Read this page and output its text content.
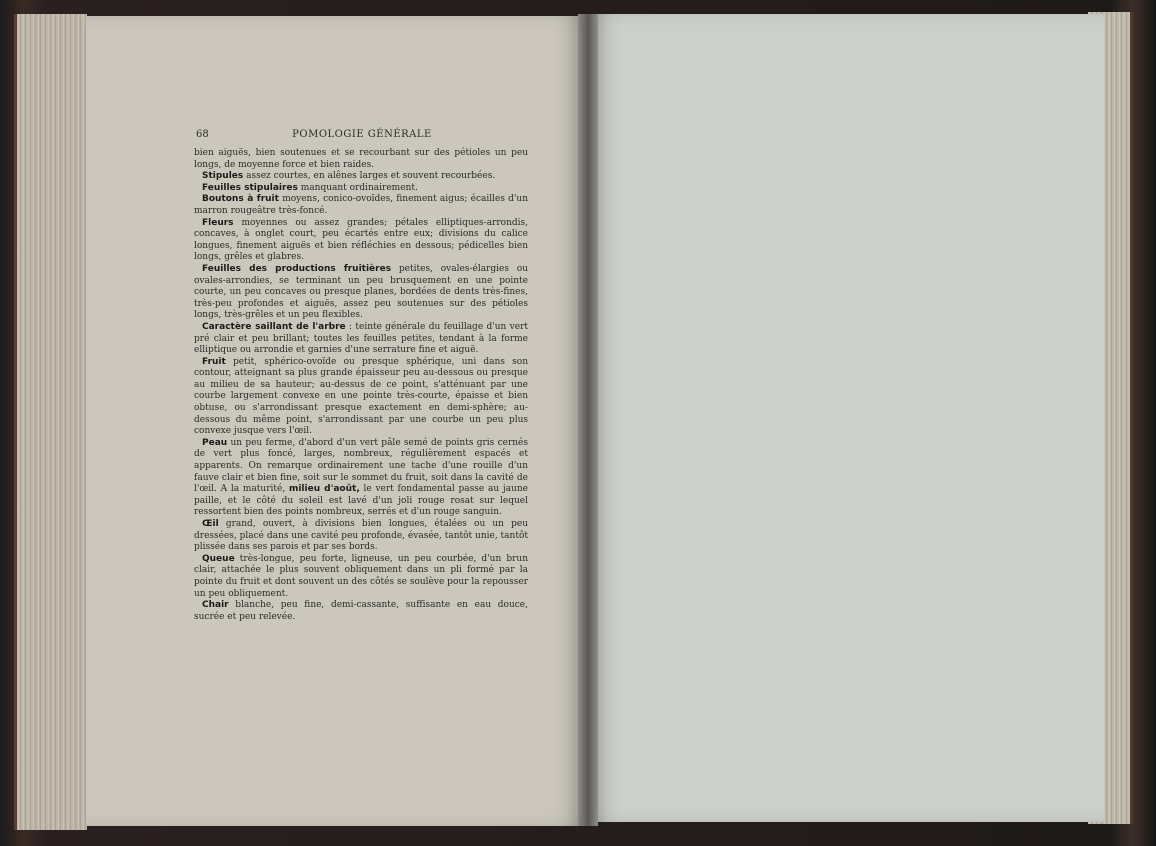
68	POMOLOGIE GÉNÉRALE

bien aiguës, bien soutenues et se recourbant sur des pétioles un peu longs, de moyenne force et bien raides.

Stipules assez courtes, en alênes larges et souvent recourbées.

Feuilles stipulaires manquant ordinairement.

Boutons à fruit moyens, conico-ovoïdes, finement aigus; écailles d'un marron rougeâtre très-foncé.

Fleurs moyennes ou assez grandes; pétales elliptiques-arrondis, concaves, à onglet court, peu écartés entre eux; divisions du calice longues, finement aiguës et bien réfléchies en dessous; pédicelles bien longs, grêles et glabres.

Feuilles des productions fruitières petites, ovales-élargies ou ovales-arrondies, se terminant un peu brusquement en une pointe courte, un peu concaves ou presque planes, bordées de dents très-fines, très-peu profondes et aiguës, assez peu soutenues sur des pétioles longs, très-grêles et un peu flexibles.

Caractère saillant de l'arbre : teinte générale du feuillage d'un vert pré clair et peu brillant; toutes les feuilles petites, tendant à la forme elliptique ou arrondie et garnies d'une serrature fine et aiguë.

Fruit petit, sphérico-ovoïde ou presque sphérique, uni dans son contour, atteignant sa plus grande épaisseur peu au-dessous ou presque au milieu de sa hauteur; au-dessus de ce point, s'atténuant par une courbe largement convexe en une pointe très-courte, épaisse et bien obtuse, ou s'arrondissant presque exactement en demi-sphère; au-dessous du même point, s'arrondissant par une courbe un peu plus convexe jusque vers l'œil.

Peau un peu ferme, d'abord d'un vert pâle semé de points gris cernés de vert plus foncé, larges, nombreux, régulièrement espacés et apparents. On remarque ordinairement une tache d'une rouille d'un fauve clair et bien fine, soit sur le sommet du fruit, soit dans la cavité de l'œil. A la maturité, milieu d'août, le vert fondamental passe au jaune paille, et le côté du soleil est lavé d'un joli rouge rosat sur lequel ressortent bien des points nombreux, serrés et d'un rouge sanguin.

Œil grand, ouvert, à divisions bien longues, étalées ou un peu dressées, placé dans une cavité peu profonde, évasée, tantôt unie, tantôt plissée dans ses parois et par ses bords.

Queue très-longue, peu forte, ligneuse, un peu courbée, d'un brun clair, attachée le plus souvent obliquement dans un pli formé par la pointe du fruit et dont souvent un des côtés se soulève pour la repousser un peu obliquement.

Chair blanche, peu fine, demi-cassante, suffisante en eau douce, sucrée et peu relevée.
